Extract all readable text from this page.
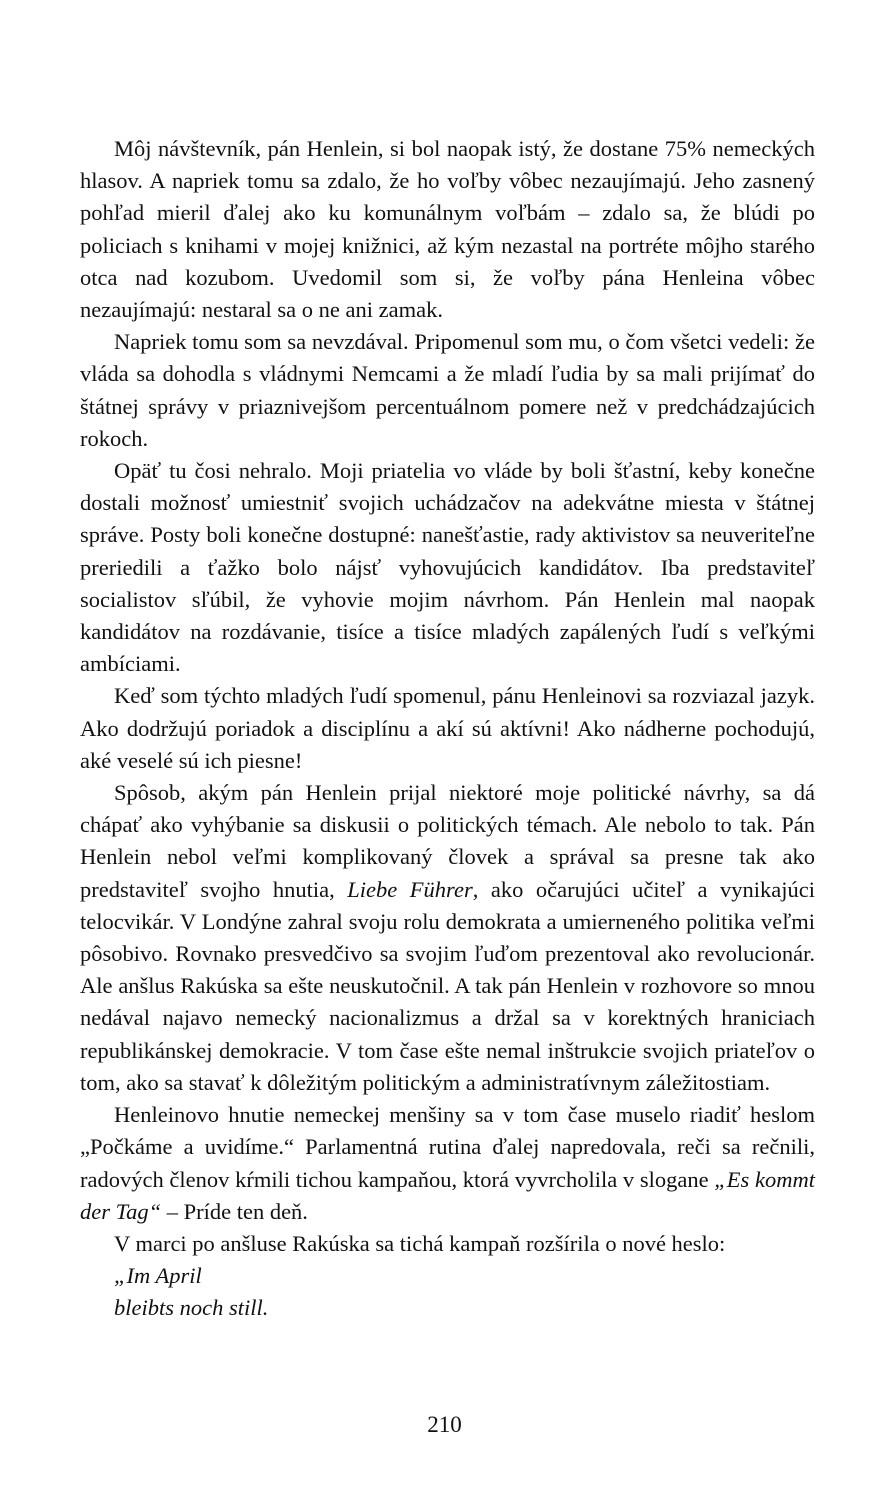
Môj návštevník, pán Henlein, si bol naopak istý, že dostane 75% nemeckých hlasov. A napriek tomu sa zdalo, že ho voľby vôbec nezaujímajú. Jeho zasnený pohľad mieril ďalej ako ku komunálnym voľbám – zdalo sa, že blúdi po policiach s knihami v mojej knižnici, až kým nezastal na portréte môjho starého otca nad kozubom. Uvedomil som si, že voľby pána Henleina vôbec nezaujímajú: nestaral sa o ne ani zamak.

Napriek tomu som sa nevzdával. Pripomenul som mu, o čom všetci vedeli: že vláda sa dohodla s vládnymi Nemcami a že mladí ľudia by sa mali prijímať do štátnej správy v priaznivejšom percentuálnom pomere než v predchádzajúcich rokoch.

Opäť tu čosi nehralo. Moji priatelia vo vláde by boli šťastní, keby konečne dostali možnosť umiestniť svojich uchádzačov na adekvátne miesta v štátnej správe. Posty boli konečne dostupné: nanešťastie, rady aktivistov sa neuveriteľne preriedili a ťažko bolo nájsť vyhovujúcich kandidátov. Iba predstaviteľ socialistov sľúbil, že vyhovie mojim návrhom. Pán Henlein mal naopak kandidátov na rozdávanie, tisíce a tisíce mladých zapálených ľudí s veľkými ambíciami.

Keď som týchto mladých ľudí spomenul, pánu Henleinovi sa rozviazal jazyk. Ako dodržujú poriadok a disciplínu a akí sú aktívni! Ako nádherne pochodujú, aké veselé sú ich piesne!

Spôsob, akým pán Henlein prijal niektoré moje politické návrhy, sa dá chápať ako vyhýbanie sa diskusii o politických témach. Ale nebolo to tak. Pán Henlein nebol veľmi komplikovaný človek a správal sa presne tak ako predstaviteľ svojho hnutia, Liebe Führer, ako očarujúci učiteľ a vynikajúci telocvikár. V Londýne zahral svoju rolu demokrata a umierneného politika veľmi pôsobivo. Rovnako presvedčivo sa svojim ľuďom prezentoval ako revolucionár. Ale anšlus Rakúska sa ešte neuskutočnil. A tak pán Henlein v rozhovore so mnou nedával najavo nemecký nacionalizmus a držal sa v korektných hraniciach republikánskej demokracie. V tom čase ešte nemal inštrukcie svojich priateľov o tom, ako sa stavať k dôležitým politickým a administratívnym záležitostiam.

Henleinovo hnutie nemeckej menšiny sa v tom čase muselo riadiť heslom „Počkáme a uvidíme.“ Parlamentná rutina ďalej napredovala, reči sa rečnili, radových členov kŕmili tichou kampaňou, ktorá vyvrcholila v slogane „Es kommt der Tag“ – Príde ten deň.

V marci po anšluse Rakúska sa tichá kampaň rozšírila o nové heslo:

„Im April
bleibts noch still.
210
